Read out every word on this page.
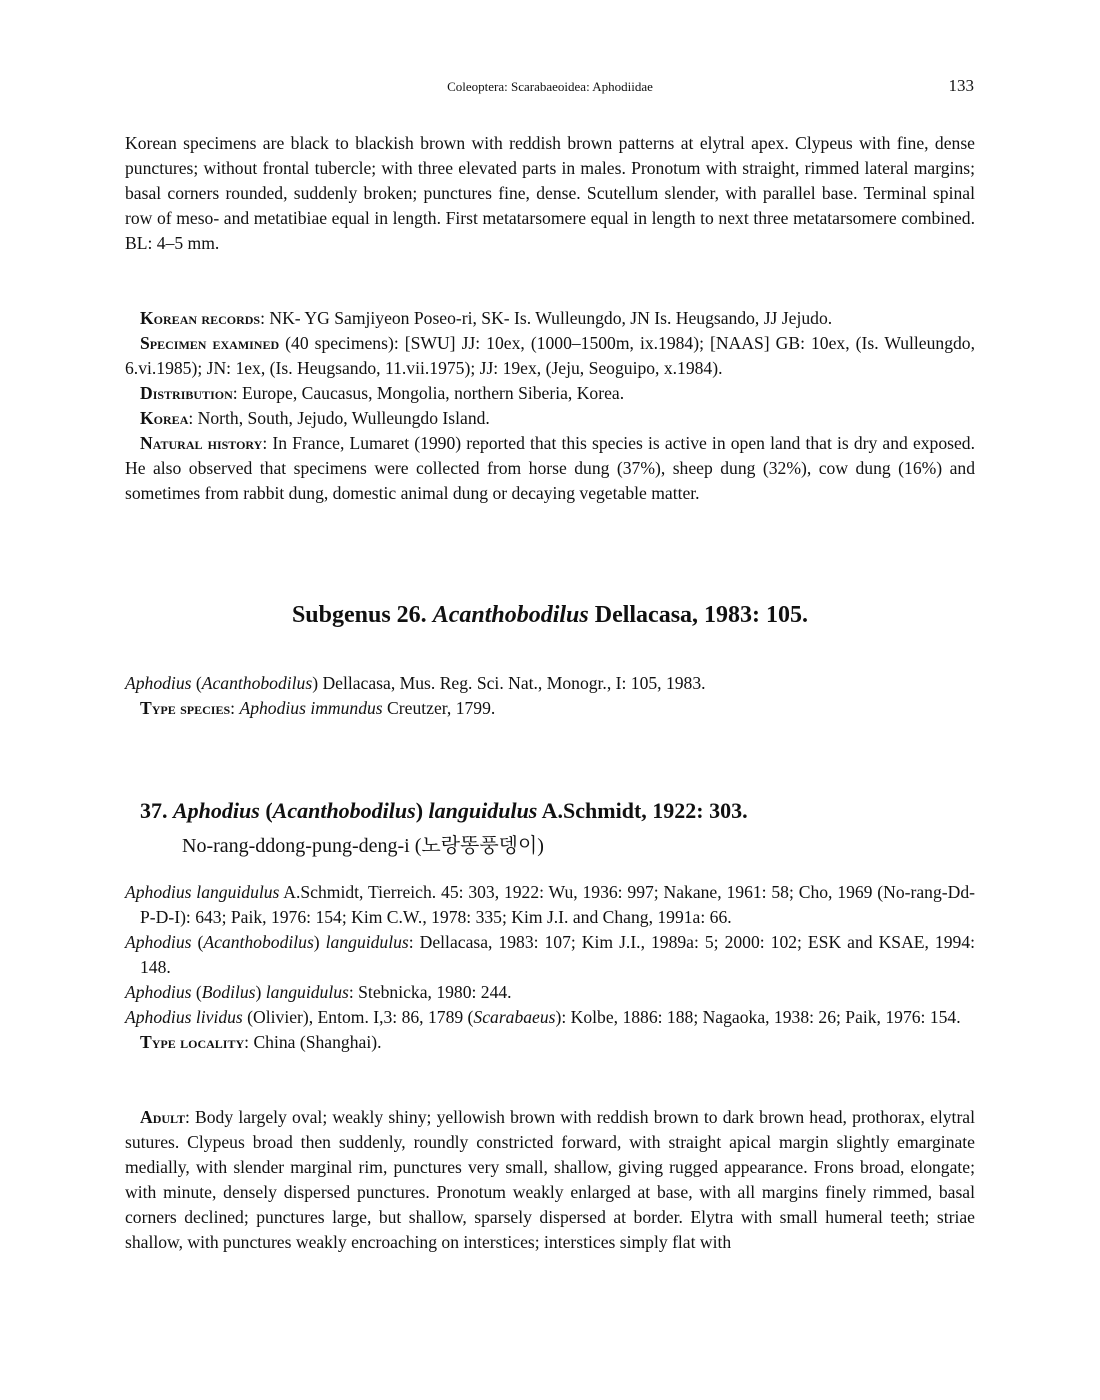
Coleoptera: Scarabaeoidea: Aphodiidae	133

Korean specimens are black to blackish brown with reddish brown patterns at elytral apex. Clypeus with fine, dense punctures; without frontal tubercle; with three elevated parts in males. Pronotum with straight, rimmed lateral margins; basal corners rounded, suddenly broken; punctures fine, dense. Scutellum slender, with parallel base. Terminal spinal row of meso- and metatibiae equal in length. First metatarsomere equal in length to next three metatarsomere combined. BL: 4–5 mm.

Korean records: NK- YG Samjiyeon Poseo-ri, SK- Is. Wulleungdo, JN Is. Heugsando, JJ Jejudo.
Specimen examined (40 specimens): [SWU] JJ: 10ex, (1000–1500m, ix.1984); [NAAS] GB: 10ex, (Is. Wulleungdo, 6.vi.1985); JN: 1ex, (Is. Heugsando, 11.vii.1975); JJ: 19ex, (Jeju, Seoguipo, x.1984).
Distribution: Europe, Caucasus, Mongolia, northern Siberia, Korea.
Korea: North, South, Jejudo, Wulleungdo Island.
Natural history: In France, Lumaret (1990) reported that this species is active in open land that is dry and exposed. He also observed that specimens were collected from horse dung (37%), sheep dung (32%), cow dung (16%) and sometimes from rabbit dung, domestic animal dung or decaying vegetable matter.
Subgenus 26. Acanthobodilus Dellacasa, 1983: 105.
Aphodius (Acanthobodilus) Dellacasa, Mus. Reg. Sci. Nat., Monogr., I: 105, 1983.
Type species: Aphodius immundus Creutzer, 1799.
37. Aphodius (Acanthobodilus) languidulus A.Schmidt, 1922: 303.
No-rang-ddong-pung-deng-i (노랑똥풍뎅이)
Aphodius languidulus A.Schmidt, Tierreich. 45: 303, 1922: Wu, 1936: 997; Nakane, 1961: 58; Cho, 1969 (No-rang-Dd-P-D-I): 643; Paik, 1976: 154; Kim C.W., 1978: 335; Kim J.I. and Chang, 1991a: 66.
Aphodius (Acanthobodilus) languidulus: Dellacasa, 1983: 107; Kim J.I., 1989a: 5; 2000: 102; ESK and KSAE, 1994: 148.
Aphodius (Bodilus) languidulus: Stebnicka, 1980: 244.
Aphodius lividus (Olivier), Entom. I,3: 86, 1789 (Scarabaeus): Kolbe, 1886: 188; Nagaoka, 1938: 26; Paik, 1976: 154.
Type locality: China (Shanghai).
Adult: Body largely oval; weakly shiny; yellowish brown with reddish brown to dark brown head, prothorax, elytral sutures. Clypeus broad then suddenly, roundly constricted forward, with straight apical margin slightly emarginate medially, with slender marginal rim, punctures very small, shallow, giving rugged appearance. Frons broad, elongate; with minute, densely dispersed punctures. Pronotum weakly enlarged at base, with all margins finely rimmed, basal corners declined; punctures large, but shallow, sparsely dispersed at border. Elytra with small humeral teeth; striae shallow, with punctures weakly encroaching on interstices; interstices simply flat with
